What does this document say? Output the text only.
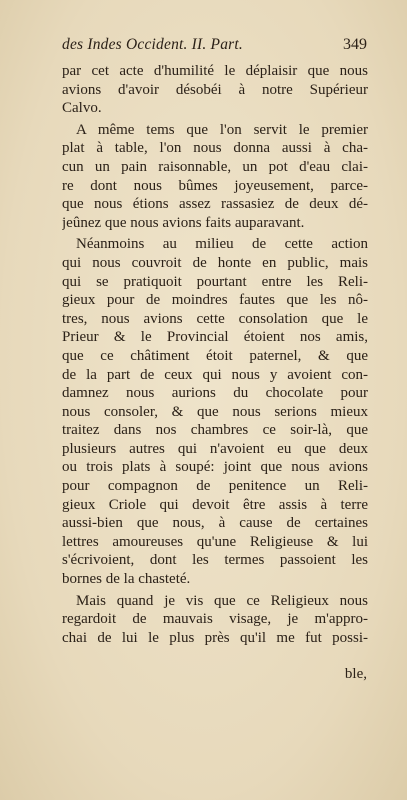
des Indes Occident. II. Part.	349
par cet acte d'humilité le déplaisir que nous
avions d'avoir désobéi à notre Supérieur
Calvo.
A même tems que l'on servit le premier
plat à table, l'on nous donna aussi à cha-
cun un pain raisonnable, un pot d'eau clai-
re dont nous bûmes joyeusement, parce-
que nous étions assez rassasiez de deux dé-
jeûnez que nous avions faits auparavant.
Néanmoins au milieu de cette action
qui nous couvroit de honte en public, mais
qui se pratiquoit pourtant entre les Reli-
gieux pour de moindres fautes que les nô-
tres, nous avions cette consolation que le
Prieur & le Provincial étoient nos amis,
que ce châtiment étoit paternel, & que
de la part de ceux qui nous y avoient con-
damnez nous aurions du chocolate pour
nous consoler, & que nous serions mieux
traitez dans nos chambres ce soir-là, que
plusieurs autres qui n'avoient eu que deux
ou trois plats à soupé: joint que nous avions
pour compagnon de penitence un Reli-
gieux Criole qui devoit être assis à terre
aussi-bien que nous, à cause de certaines
lettres amoureuses qu'une Religieuse & lui
s'écrivoient, dont les termes passoient les
bornes de la chasteté.
Mais quand je vis que ce Religieux nous
regardoit de mauvais visage, je m'appro-
chai de lui le plus près qu'il me fut possi-
ble,
